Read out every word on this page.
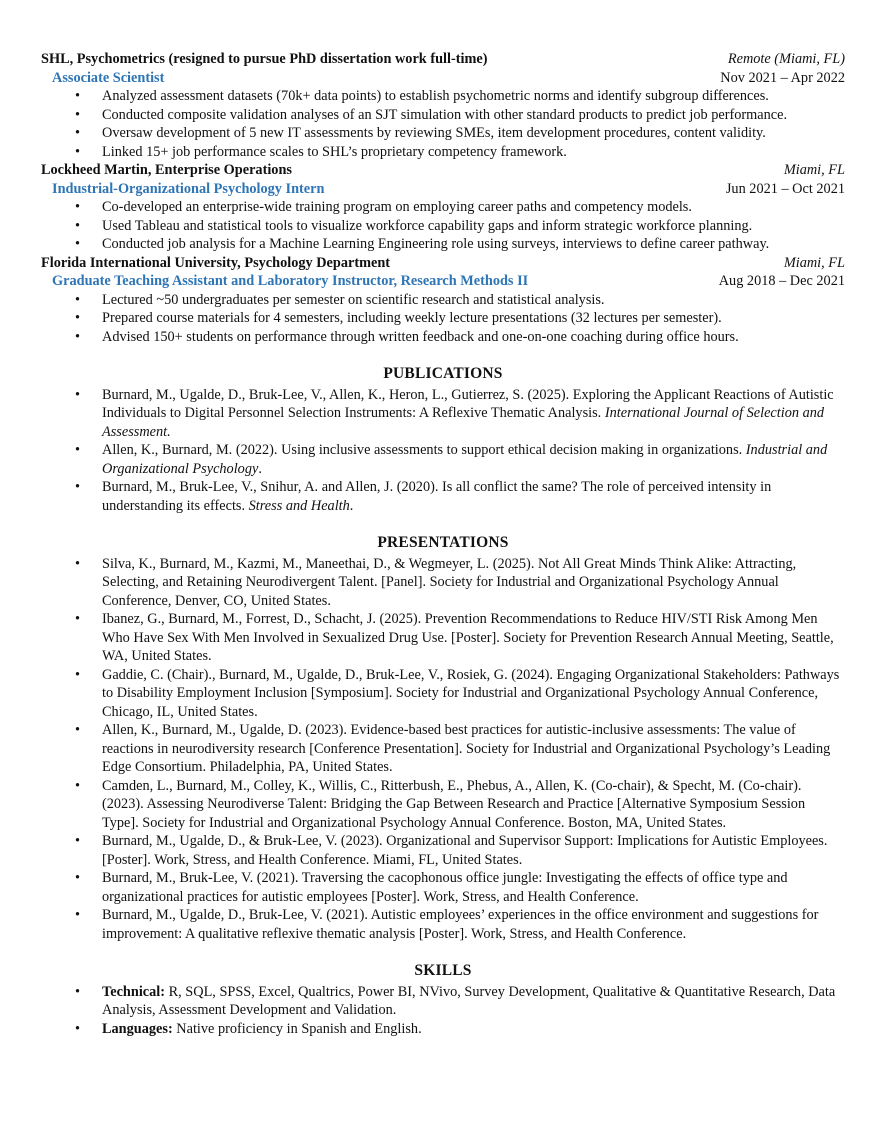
SHL, Psychometrics (resigned to pursue PhD dissertation work full-time)	Remote (Miami, FL)
Associate Scientist	Nov 2021 – Apr 2022
• Analyzed assessment datasets (70k+ data points) to establish psychometric norms and identify subgroup differences.
• Conducted composite validation analyses of an SJT simulation with other standard products to predict job performance.
• Oversaw development of 5 new IT assessments by reviewing SMEs, item development procedures, content validity.
• Linked 15+ job performance scales to SHL’s proprietary competency framework.
Lockheed Martin, Enterprise Operations	Miami, FL
Industrial-Organizational Psychology Intern	Jun 2021 – Oct 2021
• Co-developed an enterprise-wide training program on employing career paths and competency models.
• Used Tableau and statistical tools to visualize workforce capability gaps and inform strategic workforce planning.
• Conducted job analysis for a Machine Learning Engineering role using surveys, interviews to define career pathway.
Florida International University, Psychology Department	Miami, FL
Graduate Teaching Assistant and Laboratory Instructor, Research Methods II	Aug 2018 – Dec 2021
• Lectured ~50 undergraduates per semester on scientific research and statistical analysis.
• Prepared course materials for 4 semesters, including weekly lecture presentations (32 lectures per semester).
• Advised 150+ students on performance through written feedback and one-on-one coaching during office hours.
PUBLICATIONS
• Burnard, M., Ugalde, D., Bruk-Lee, V., Allen, K., Heron, L., Gutierrez, S. (2025). Exploring the Applicant Reactions of Autistic Individuals to Digital Personnel Selection Instruments: A Reflexive Thematic Analysis. International Journal of Selection and Assessment.
• Allen, K., Burnard, M. (2022). Using inclusive assessments to support ethical decision making in organizations. Industrial and Organizational Psychology.
• Burnard, M., Bruk-Lee, V., Snihur, A. and Allen, J. (2020). Is all conflict the same? The role of perceived intensity in understanding its effects. Stress and Health.
PRESENTATIONS
• Silva, K., Burnard, M., Kazmi, M., Maneethai, D., & Wegmeyer, L. (2025). Not All Great Minds Think Alike: Attracting, Selecting, and Retaining Neurodivergent Talent. [Panel]. Society for Industrial and Organizational Psychology Annual Conference, Denver, CO, United States.
• Ibanez, G., Burnard, M., Forrest, D., Schacht, J. (2025). Prevention Recommendations to Reduce HIV/STI Risk Among Men Who Have Sex With Men Involved in Sexualized Drug Use. [Poster]. Society for Prevention Research Annual Meeting, Seattle, WA, United States.
• Gaddie, C. (Chair)., Burnard, M., Ugalde, D., Bruk-Lee, V., Rosiek, G. (2024). Engaging Organizational Stakeholders: Pathways to Disability Employment Inclusion [Symposium]. Society for Industrial and Organizational Psychology Annual Conference, Chicago, IL, United States.
• Allen, K., Burnard, M., Ugalde, D. (2023). Evidence-based best practices for autistic-inclusive assessments: The value of reactions in neurodiversity research [Conference Presentation]. Society for Industrial and Organizational Psychology’s Leading Edge Consortium. Philadelphia, PA, United States.
• Camden, L., Burnard, M., Colley, K., Willis, C., Ritterbush, E., Phebus, A., Allen, K. (Co-chair), & Specht, M. (Co-chair). (2023). Assessing Neurodiverse Talent: Bridging the Gap Between Research and Practice [Alternative Symposium Session Type]. Society for Industrial and Organizational Psychology Annual Conference. Boston, MA, United States.
• Burnard, M., Ugalde, D., & Bruk-Lee, V. (2023). Organizational and Supervisor Support: Implications for Autistic Employees. [Poster]. Work, Stress, and Health Conference. Miami, FL, United States.
• Burnard, M., Bruk-Lee, V. (2021). Traversing the cacophonous office jungle: Investigating the effects of office type and organizational practices for autistic employees [Poster]. Work, Stress, and Health Conference.
• Burnard, M., Ugalde, D., Bruk-Lee, V. (2021). Autistic employees’ experiences in the office environment and suggestions for improvement: A qualitative reflexive thematic analysis [Poster]. Work, Stress, and Health Conference.
SKILLS
• Technical: R, SQL, SPSS, Excel, Qualtrics, Power BI, NVivo, Survey Development, Qualitative & Quantitative Research, Data Analysis, Assessment Development and Validation.
• Languages: Native proficiency in Spanish and English.
